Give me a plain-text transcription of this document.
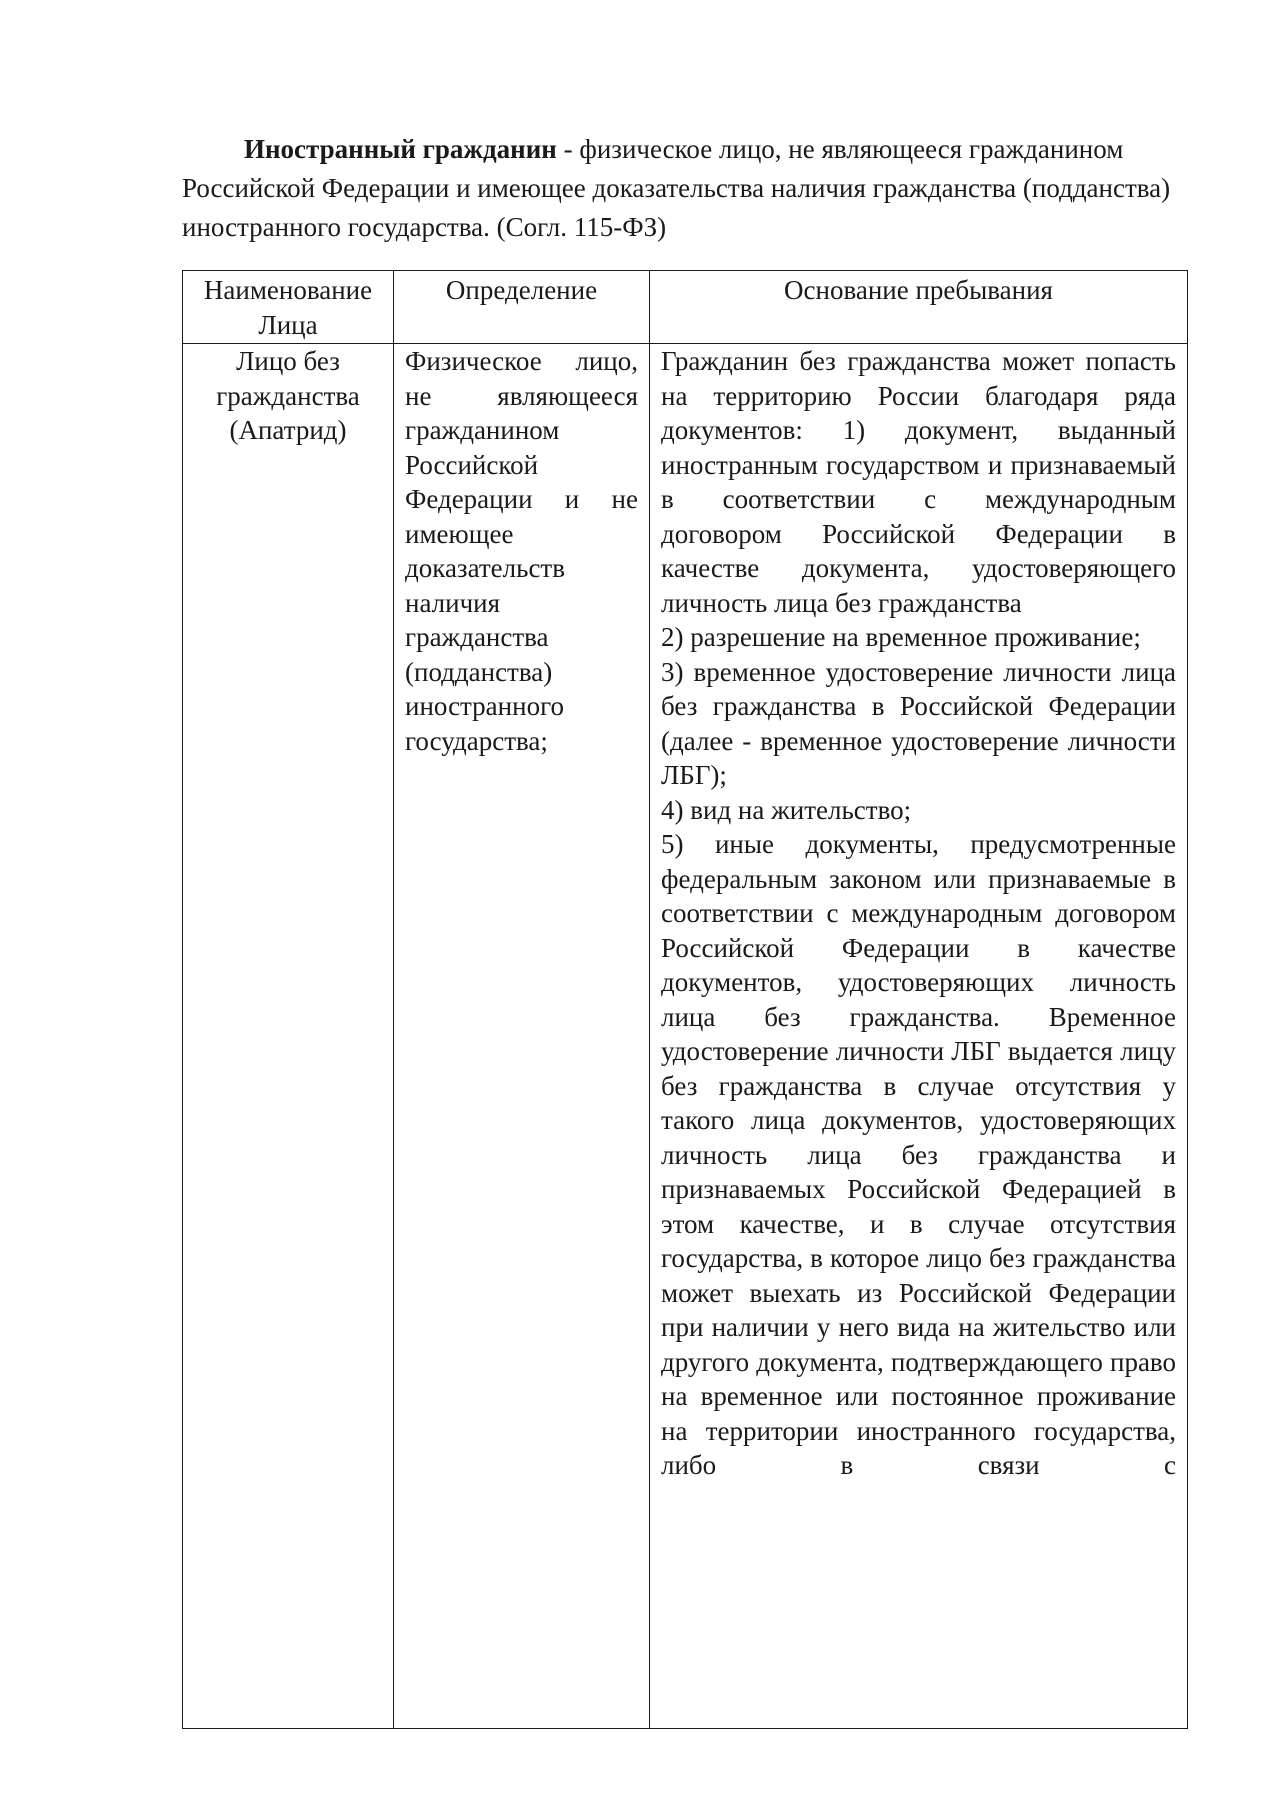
Иностранный гражданин - физическое лицо, не являющееся гражданином Российской Федерации и имеющее доказательства наличия гражданства (подданства) иностранного государства. (Согл. 115-ФЗ)

Наименование Лица	Определение	Основание пребывания
Лицо без гражданства (Апатрид)	Физическое лицо, не являющееся гражданином Российской Федерации и не имеющее доказательств наличия гражданства (подданства) иностранного государства;	Гражданин без гражданства может попасть на территорию России благодаря ряда документов: 1) документ, выданный иностранным государством и признаваемый в соответствии с международным договором Российской Федерации в качестве документа, удостоверяющего личность лица без гражданства

2) разрешение на временное проживание;

3) временное удостоверение личности лица без гражданства в Российской Федерации (далее - временное удостоверение личности ЛБГ);

4) вид на жительство;

5) иные документы, предусмотренные федеральным законом или признаваемые в соответствии с международным договором Российской Федерации в качестве документов, удостоверяющих личность лица без гражданства. Временное удостоверение личности ЛБГ выдается лицу без гражданства в случае отсутствия у такого лица документов, удостоверяющих личность лица без гражданства и признаваемых Российской Федерацией в этом качестве, и в случае отсутствия государства, в которое лицо без гражданства может выехать из Российской Федерации при наличии у него вида на жительство или другого документа, подтверждающего право на временное или постоянное проживание на территории иностранного государства, либо в связи с
